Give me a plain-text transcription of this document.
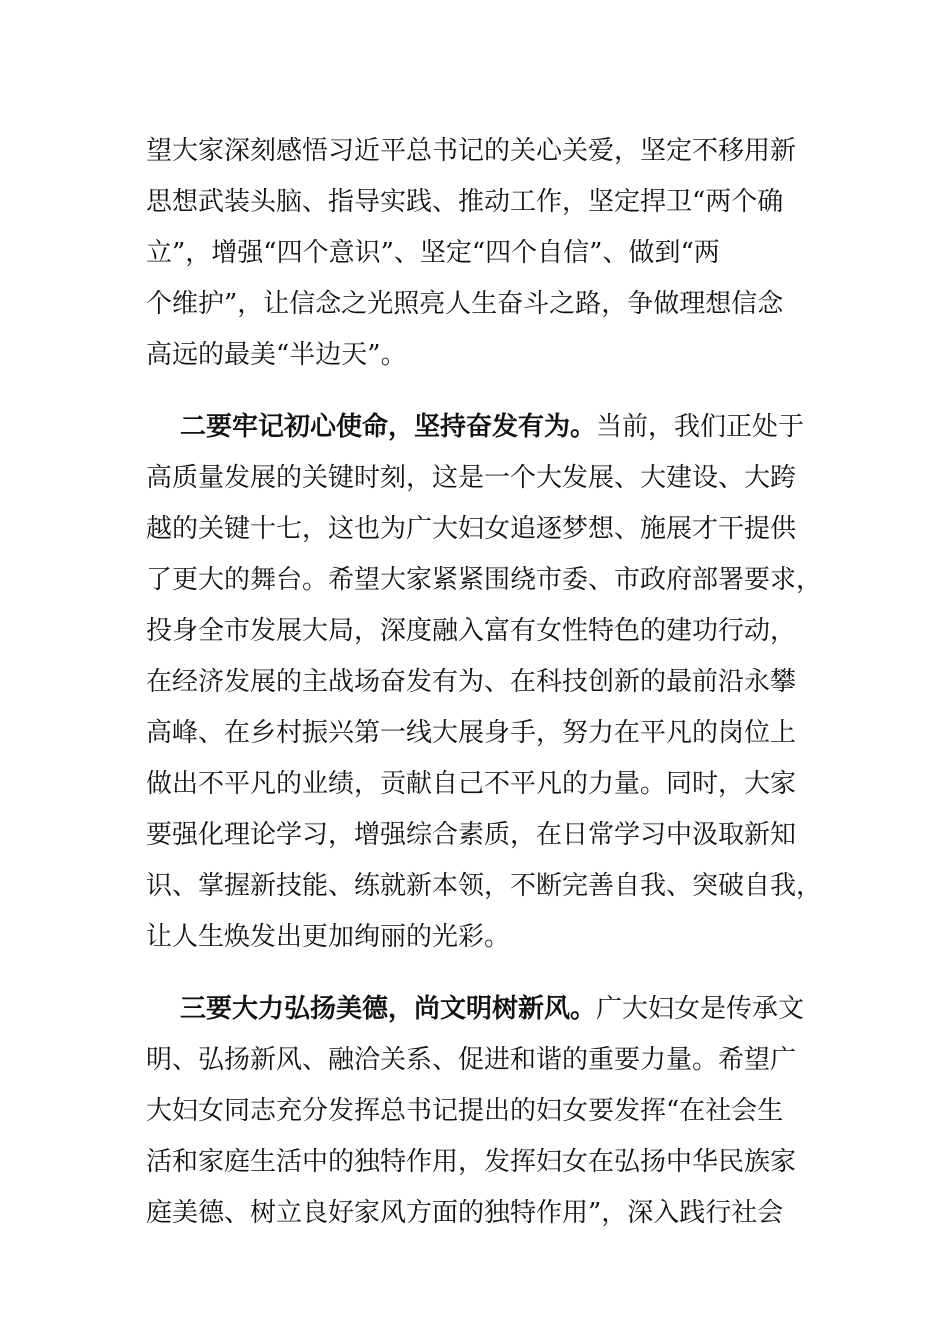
望大家深刻感悟习近平总书记的关心关爱，坚定不移用新
思想武装头脑、指导实践、推动工作，坚定捍卫“两个确
立”，增强“四个意识”、坚定“四个自信”、做到“两
个维护”，让信念之光照亮人生奋斗之路，争做理想信念
高远的最美“半边天”。
二要牢记初心使命，坚持奋发有为。当前，我们正处于
高质量发展的关键时刻，这是一个大发展、大建设、大跨
越的关键十七，这也为广大妇女追逐梦想、施展才干提供
了更大的舞台。希望大家紧紧围绕市委、市政府部署要求，
投身全市发展大局，深度融入富有女性特色的建功行动，
在经济发展的主战场奋发有为、在科技创新的最前沿永攀
高峰、在乡村振兴第一线大展身手，努力在平凡的岗位上
做出不平凡的业绩，贡献自己不平凡的力量。同时，大家
要强化理论学习，增强综合素质，在日常学习中汲取新知
识、掌握新技能、练就新本领，不断完善自我、突破自我，
让人生焕发出更加绚丽的光彩。
三要大力弘扬美德，尚文明树新风。广大妇女是传承文
明、弘扬新风、融洽关系、促进和谐的重要力量。希望广
大妇女同志充分发挥总书记提出的妇女要发挥“在社会生
活和家庭生活中的独特作用，发挥妇女在弘扬中华民族家
庭美德、树立良好家风方面的独特作用”，深入践行社会
